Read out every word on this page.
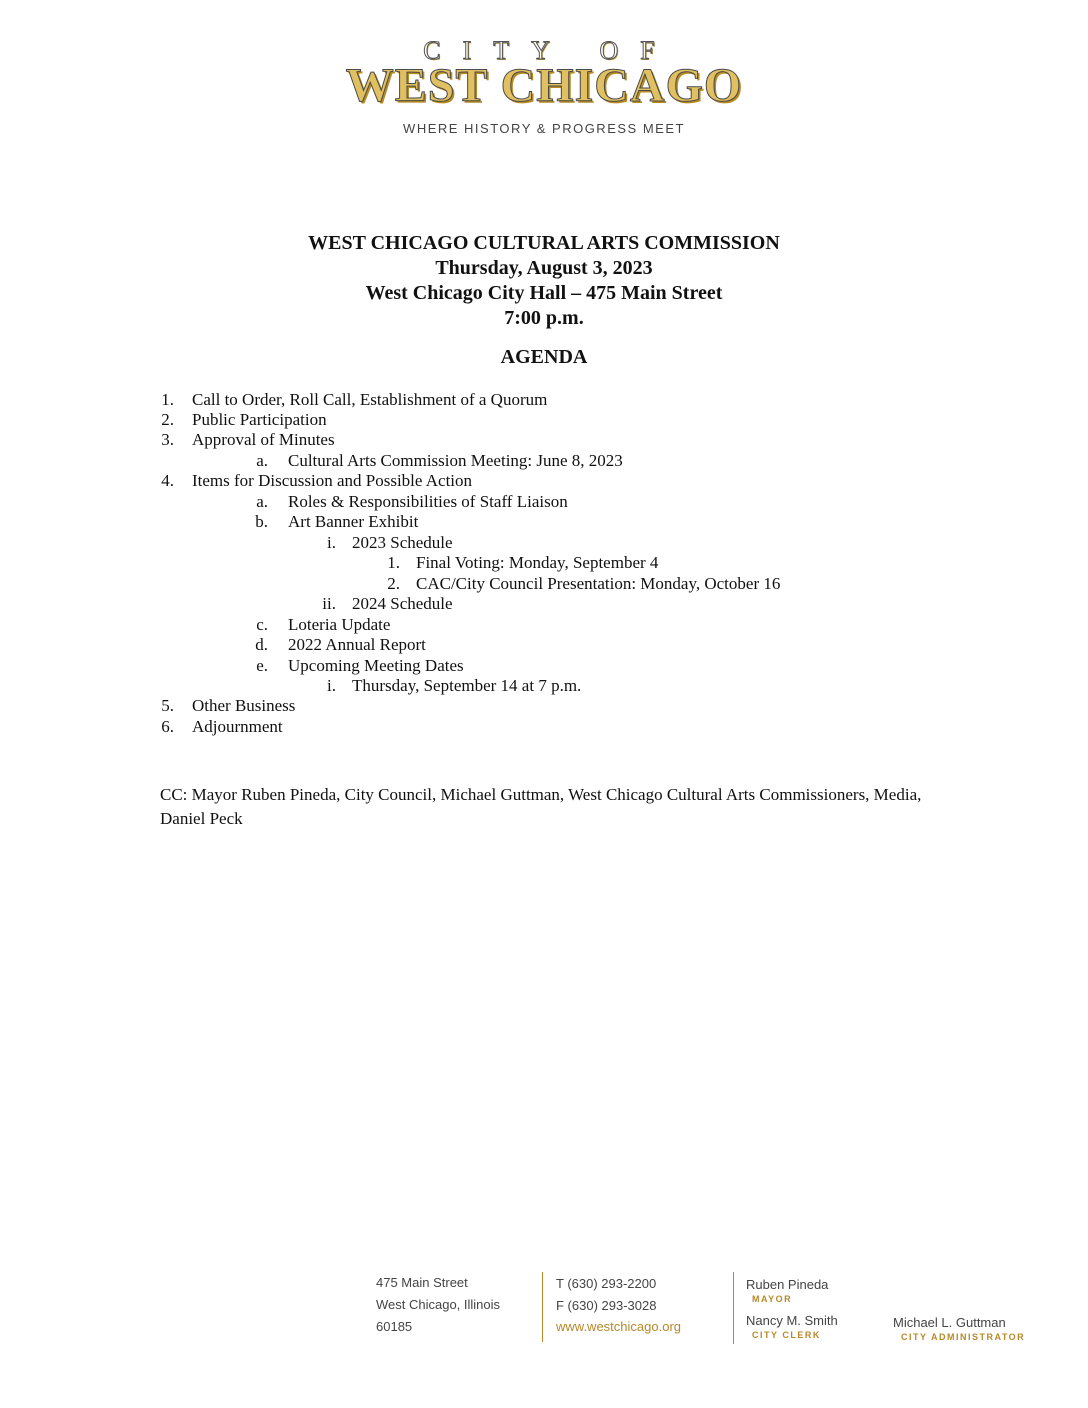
CITY OF
WEST CHICAGO
WHERE HISTORY & PROGRESS MEET
WEST CHICAGO CULTURAL ARTS COMMISSION
Thursday, August 3, 2023
West Chicago City Hall – 475 Main Street
7:00 p.m.
AGENDA
1. Call to Order, Roll Call, Establishment of a Quorum
2. Public Participation
3. Approval of Minutes
a. Cultural Arts Commission Meeting: June 8, 2023
4. Items for Discussion and Possible Action
a. Roles & Responsibilities of Staff Liaison
b. Art Banner Exhibit
i. 2023 Schedule
1. Final Voting: Monday, September 4
2. CAC/City Council Presentation: Monday, October 16
ii. 2024 Schedule
c. Loteria Update
d. 2022 Annual Report
e. Upcoming Meeting Dates
i. Thursday, September 14 at 7 p.m.
5. Other Business
6. Adjournment
CC: Mayor Ruben Pineda, City Council, Michael Guttman, West Chicago Cultural Arts Commissioners, Media, Daniel Peck
475 Main Street
West Chicago, Illinois
60185
T (630) 293-2200
F (630) 293-3028
www.westchicago.org
Ruben Pineda
MAYOR
Nancy M. Smith
CITY CLERK
Michael L. Guttman
CITY ADMINISTRATOR
